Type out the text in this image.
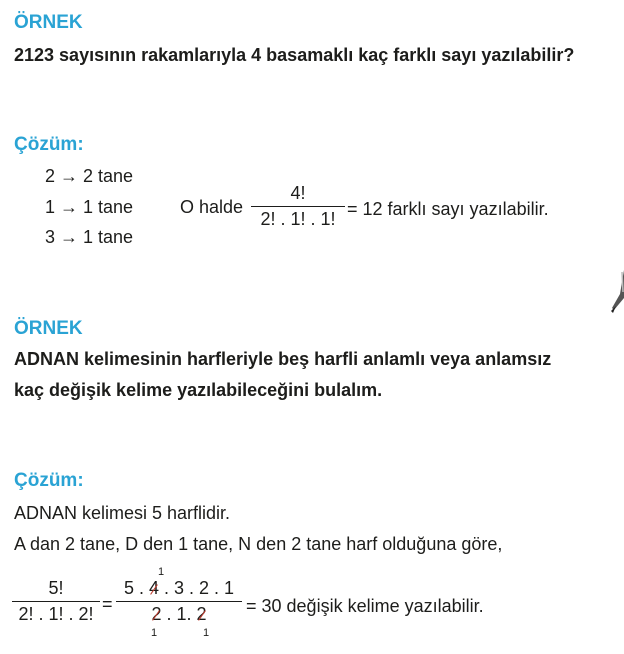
ÖRNEK
2123 sayısının rakamlarıyla 4 basamaklı kaç farklı sayı yazılabilir?
Çözüm:
2 → 2 tane
1 → 1 tane
3 → 1 tane
O halde
4!
2! . 1! . 1! = 12 farklı sayı yazılabilir.
ÖRNEK
ADNAN kelimesinin harfleriyle beş harfli anlamlı veya anlamsız
kaç değişik kelime yazılabileceğini bulalım.
Çözüm:
ADNAN kelimesi 5 harflidir.
A dan 2 tane, D den 1 tane, N den 2 tane harf olduğuna göre,
5!
2! . 1! . 2! =
1
5 . 4 . 3 . 2 . 1
2 . 1. 2
1	1
= 30 değişik kelime yazılabilir.
